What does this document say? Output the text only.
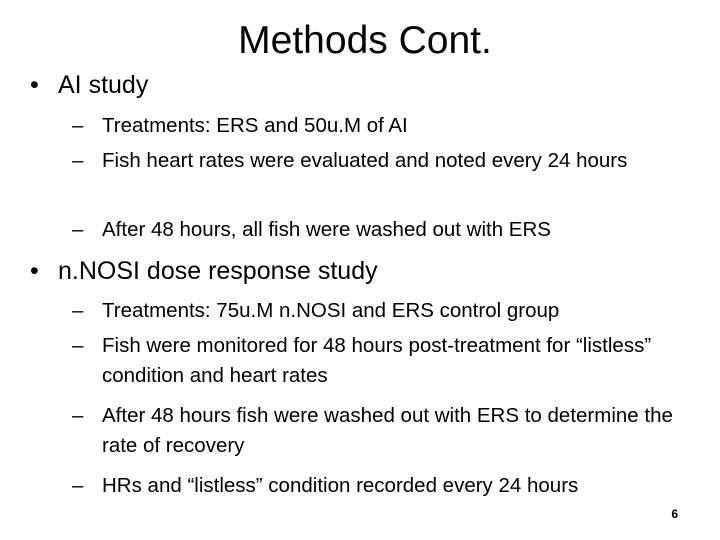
Methods Cont.
• AI study
– Treatments: ERS and 50u.M of AI
– Fish heart rates were evaluated and noted every 24 hours
– After 48 hours, all fish were washed out with ERS
• n.NOSI dose response study
– Treatments: 75u.M n.NOSI and ERS control group
– Fish were monitored for 48 hours post-treatment for “listless” condition and heart rates
– After 48 hours fish were washed out with ERS to determine the rate of recovery
– HRs and “listless” condition recorded every 24 hours
6
